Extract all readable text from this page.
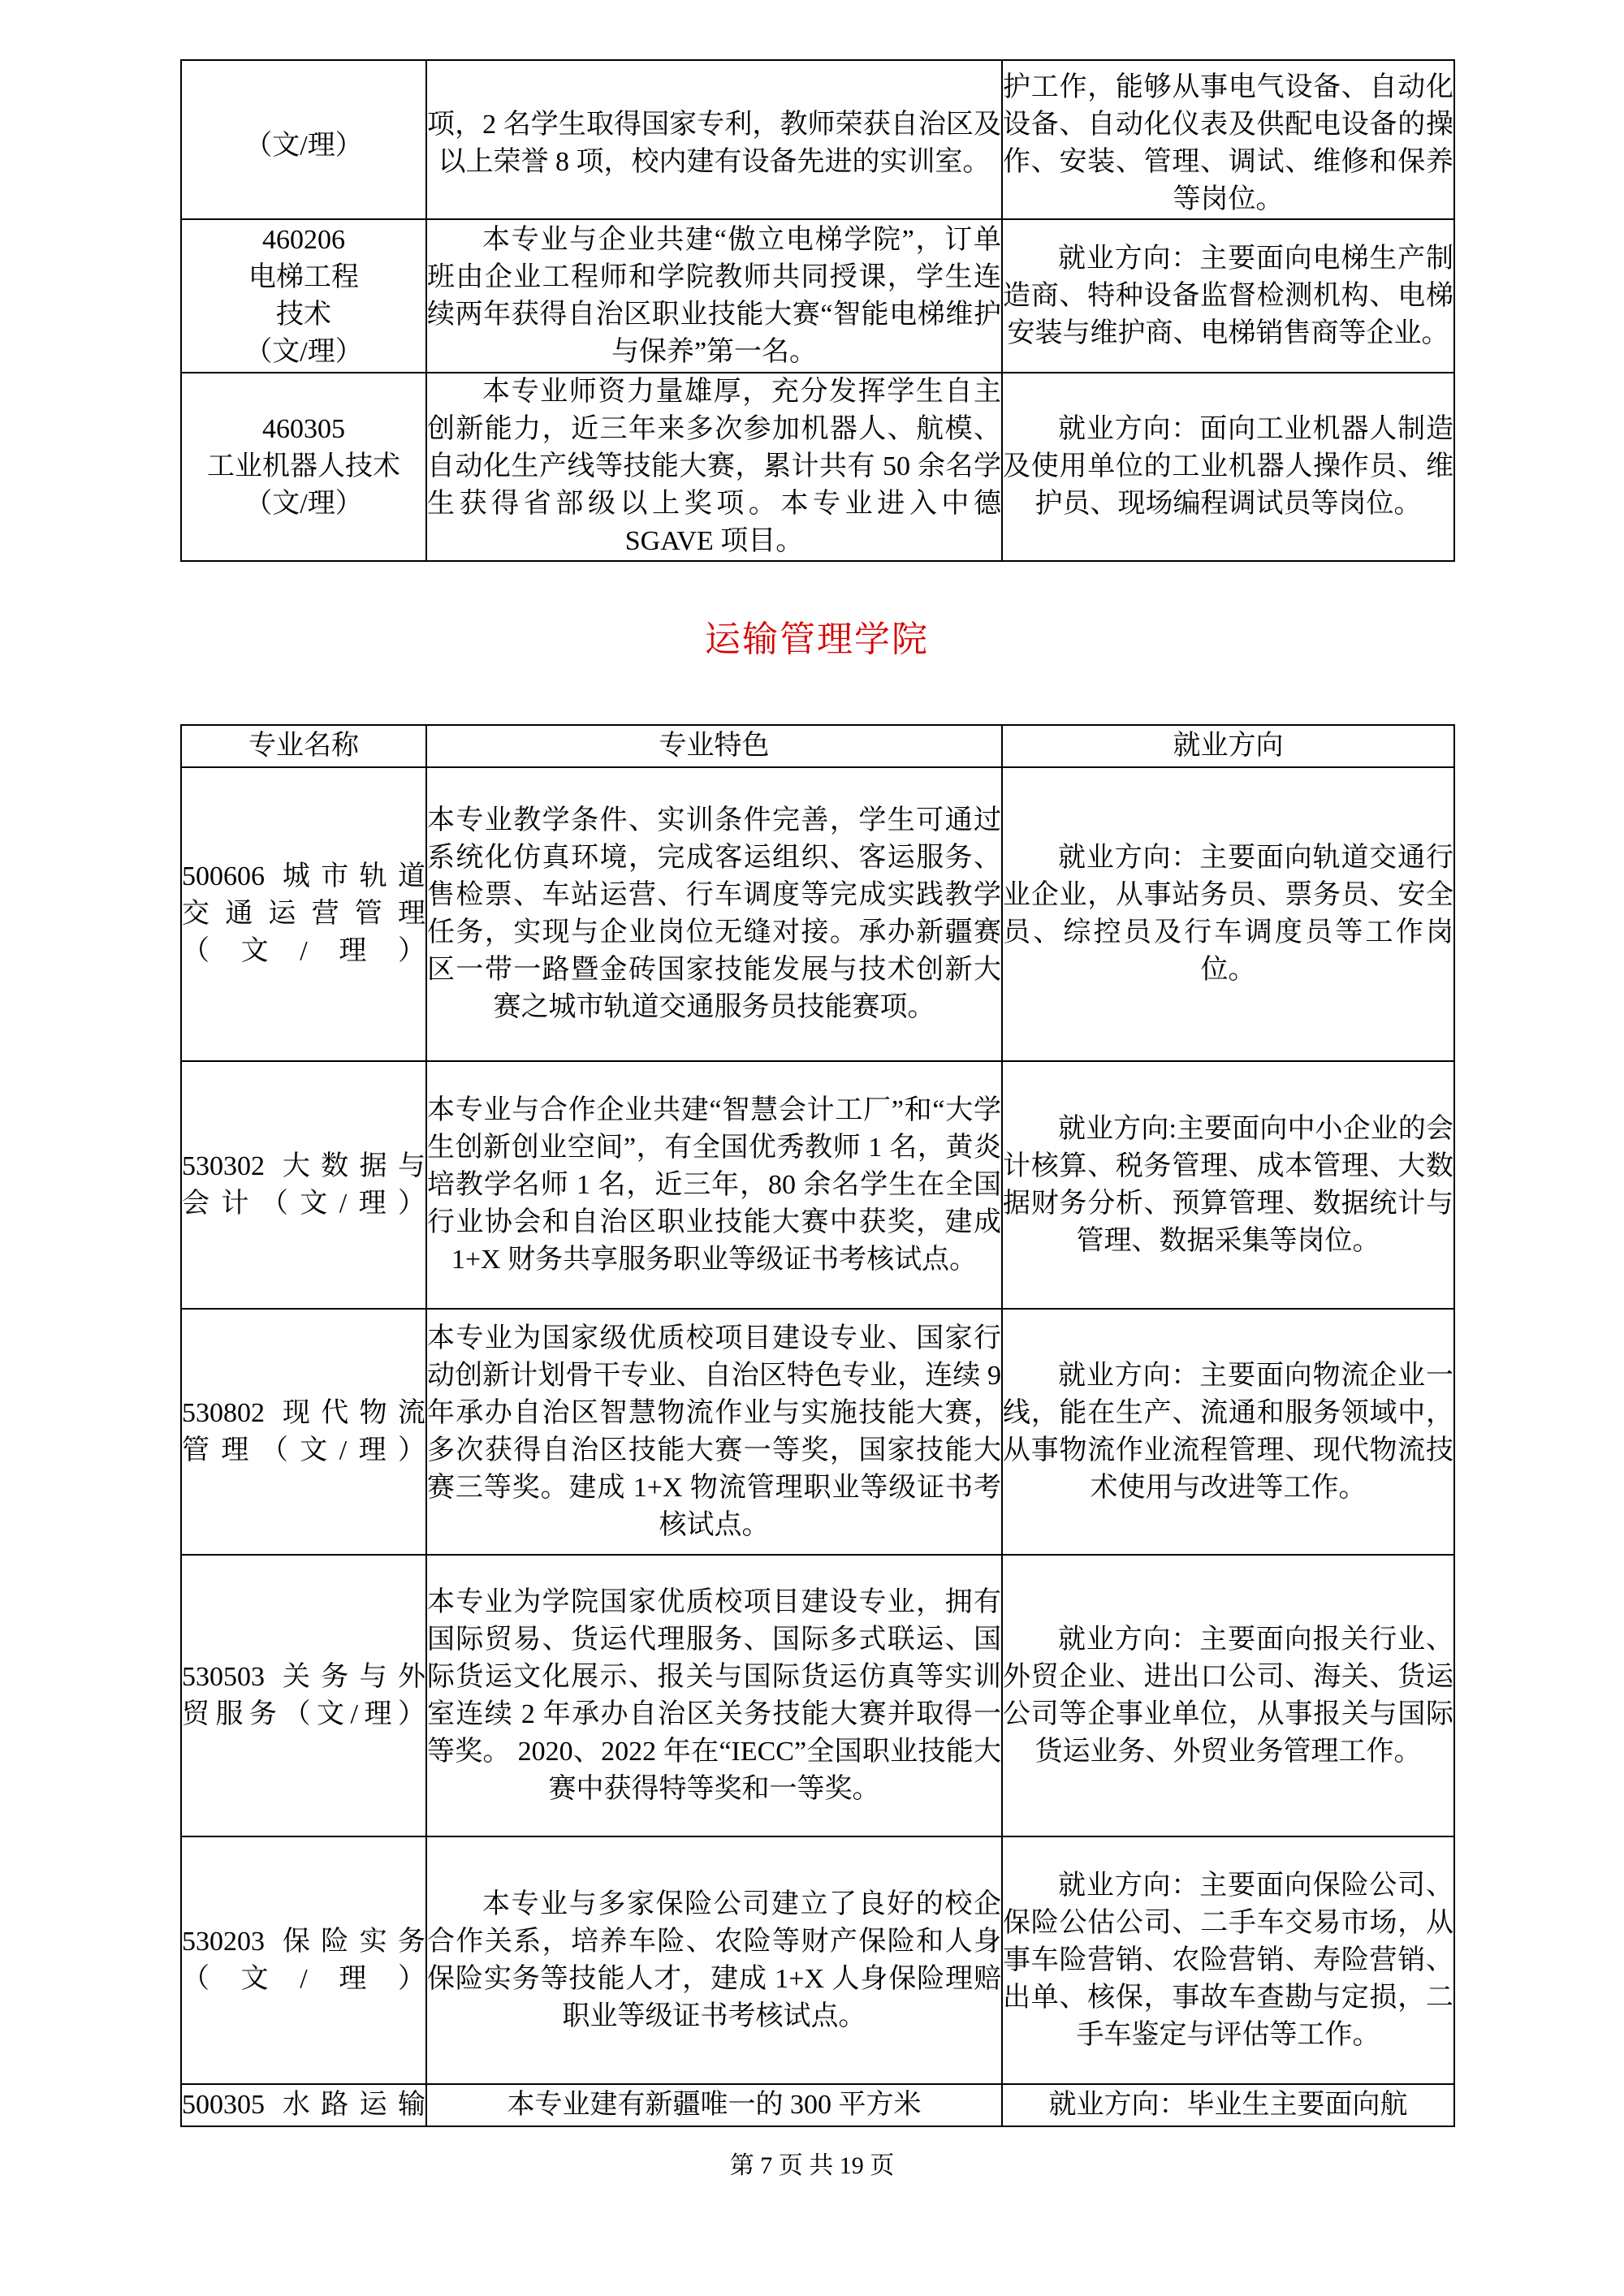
（文/理）	项，2 名学生取得国家专利，教师荣获自治区及以上荣誉 8 项，校内建有设备先进的实训室。	护工作，能够从事电气设备、自动化设备、自动化仪表及供配电设备的操作、安装、管理、调试、维修和保养等岗位。

460206
电梯工程
技术
（文/理）	本专业与企业共建“傲立电梯学院”，订单班由企业工程师和学院教师共同授课，学生连续两年获得自治区职业技能大赛“智能电梯维护与保养”第一名。	就业方向：主要面向电梯生产制造商、特种设备监督检测机构、电梯安装与维护商、电梯销售商等企业。

460305
工业机器人技术
（文/理）	本专业师资力量雄厚，充分发挥学生自主创新能力，近三年来多次参加机器人、航模、自动化生产线等技能大赛，累计共有 50 余名学生获得省部级以上奖项。本专业进入中德 SGAVE 项目。	就业方向：面向工业机器人制造及使用单位的工业机器人操作员、维护员、现场编程调试员等岗位。

运输管理学院
专业名称	专业特色	就业方向

500606 城市轨道
交通运营管理
（文/理）	本专业教学条件、实训条件完善，学生可通过系统化仿真环境，完成客运组织、客运服务、售检票、车站运营、行车调度等完成实践教学任务，实现与企业岗位无缝对接。承办新疆赛区一带一路暨金砖国家技能发展与技术创新大赛之城市轨道交通服务员技能赛项。	就业方向：主要面向轨道交通行业企业，从事站务员、票务员、安全员、综控员及行车调度员等工作岗位。

530302 大数据与
会计（文/理）	本专业与合作企业共建“智慧会计工厂”和“大学生创新创业空间”，有全国优秀教师 1 名，黄炎培教学名师 1 名，近三年，80 余名学生在全国行业协会和自治区职业技能大赛中获奖，建成 1+X 财务共享服务职业等级证书考核试点。	就业方向:主要面向中小企业的会计核算、税务管理、成本管理、大数据财务分析、预算管理、数据统计与管理、数据采集等岗位。

530802 现代物流
管理（文/理）	本专业为国家级优质校项目建设专业、国家行动创新计划骨干专业、自治区特色专业，连续 9 年承办自治区智慧物流作业与实施技能大赛，多次获得自治区技能大赛一等奖，国家技能大赛三等奖。建成 1+X 物流管理职业等级证书考核试点。	就业方向：主要面向物流企业一线，能在生产、流通和服务领域中，从事物流作业流程管理、现代物流技术使用与改进等工作。

530503 关务与外
贸服务（文/理）	本专业为学院国家优质校项目建设专业，拥有国际贸易、货运代理服务、国际多式联运、国际货运文化展示、报关与国际货运仿真等实训室连续 2 年承办自治区关务技能大赛并取得一等奖。 2020、2022 年在“IECC”全国职业技能大赛中获得特等奖和一等奖。	就业方向：主要面向报关行业、外贸企业、进出口公司、海关、货运公司等企事业单位，从事报关与国际货运业务、外贸业务管理工作。

530203 保险实务
（文/理）	本专业与多家保险公司建立了良好的校企合作关系，培养车险、农险等财产保险和人身保险实务等技能人才，建成 1+X 人身保险理赔职业等级证书考核试点。	就业方向：主要面向保险公司、保险公估公司、二手车交易市场，从事车险营销、农险营销、寿险营销、出单、核保，事故车查勘与定损，二手车鉴定与评估等工作。

500305 水路运输	本专业建有新疆唯一的 300 平方米	就业方向：毕业生主要面向航

第 7 页 共 19 页
